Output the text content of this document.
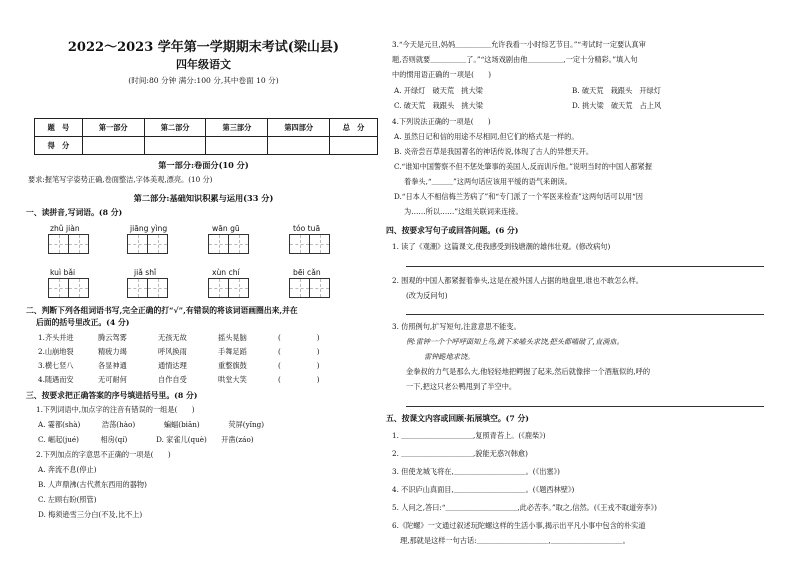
2022～2023 学年第一学期期末考试(梁山县)
四年级语文
(时间:80 分钟 满分:100 分,其中卷面 10 分)
题　号	第一部分	第二部分	第三部分	第四部分	总　分
得　分					
第一部分:卷面分(10 分)
要求:握笔写字姿势正确,卷面整洁,字体美观,漂亮。(10 分)
第二部分:基础知识积累与运用(33 分)
一、读拼音,写词语。(8 分)
zhǔ jiàn	jiāng yìng	wān gū	tóo tuā
kuì bǎi	jiǎ shǐ	xùn chí	bēi cǎn
二、判断下列各组词语书写,完全正确的打“√”,有错误的将该词语画圈出来,并在
后面的括号里改正。(4 分)
1.齐头并进	腾云驾雾	无孩无故	摇头晃脑	(　　　　　)
2.山崩地裂	精疲力竭	呼风换雨	手舞足蹈	(　　　　　)
3.横七竖八	各显神通	通情达理	重整旗鼓	(　　　　　)
4.随遇而安	无可耐何	自作自受	哄堂大笑	(　　　　　)
三、按要求把正确答案的序号填进括号里。(8 分)
1.下列词语中,加点字的注音有错误的一组是(　　)
A. 霎都(shà)　　　浩荡(hào)　　　　蝙蝠(biān)　　　　荧屏(yǐng)
C. 崛起(jué)　　　相房(qí)　　　　D. 家雀儿(què)　　开凿(záo)
2.下列加点的字意思不正确的一项是(　　)
A. 奔流不息(停止)
B. 人声鼎沸(古代煮东西用的器物)
C. 左顾右盼(照管)
D. 梅须逊雪三分白(不及,比不上)
3.“今天是元旦,妈妈＿＿＿＿＿允许我看一小时综艺节目。”“考试时一定要认真审
题,否则就要＿＿＿＿＿了。”“这场戏剧由他＿＿＿＿＿,一定十分精彩。”填入句
中的惯用语正确的一项是(　　)
A. 开绿灯　破天荒　挑大梁	B. 破天荒　栽跟头　开绿灯
C. 破天荒　栽跟头　挑大梁	D. 挑大梁　破天荒　占上风
4.下列说法正确的一项是(　　)
A. 虽然日记和信的用途不尽相同,但它们的格式是一样的。
B. 炎帝尝百草是我国著名的神话传说,体现了古人的异想天开。
C.“谁知中国警察不但不惩处肇事的美国人,反而训斥他。”说明当时的中国人都紧握
着拳头,“＿＿＿”这两句话应该用平缓的语气来朗读。
D.“日本人不相信梅兰芳病了”和“专门派了一个军医来检查”这两句话可以用“因
为……所以……”这组关联词来连接。
四、按要求写句子或回答问题。(6 分)
1. 读了《观潮》这篇课文,使我感受到钱塘潮的雄伟壮观。(修改病句)
2. 围观的中国人都紧握着拳头,这是在被外国人占据的地盘里,谁也不敢怎么样。
(改为反问句)
3. 仿照例句,扩写短句,注意意思不能变。
例:雷钟一个个呼呼面知上鸟,跳下来嗑头求饶,把头都嗑破了,直淌血。
雷钟跪地求饶。
金拳叔的力气是那么大,他轻轻地把鳄握了起来,然后就像摔一个酒瓶似的,呼的
一下,把这只老公鸭甩到了半空中。
五、按课文内容或回顾·拓展填空。(7 分)
1. ＿＿＿＿＿＿＿＿＿＿,复照青苔上。(《鹿柴》)
2. ＿＿＿＿＿＿＿＿＿＿,貌能无惑?(韩愈)
3. 但使龙城飞将在,＿＿＿＿＿＿＿＿＿＿。(《出塞》)
4. 不识庐山真面目,＿＿＿＿＿＿＿＿＿＿。(《题西林壁》)
5. 人问之,答曰:“＿＿＿＿＿＿＿＿＿＿,此必苦李。”取之,信然。(《王戎不取道旁李》)
6.《陀螺》一文通过叙述玩陀螺这样的生活小事,揭示出平凡小事中包含的朴实道
理,那就是这样一句古话:＿＿＿＿＿＿＿＿＿＿,＿＿＿＿＿＿＿＿＿＿。
